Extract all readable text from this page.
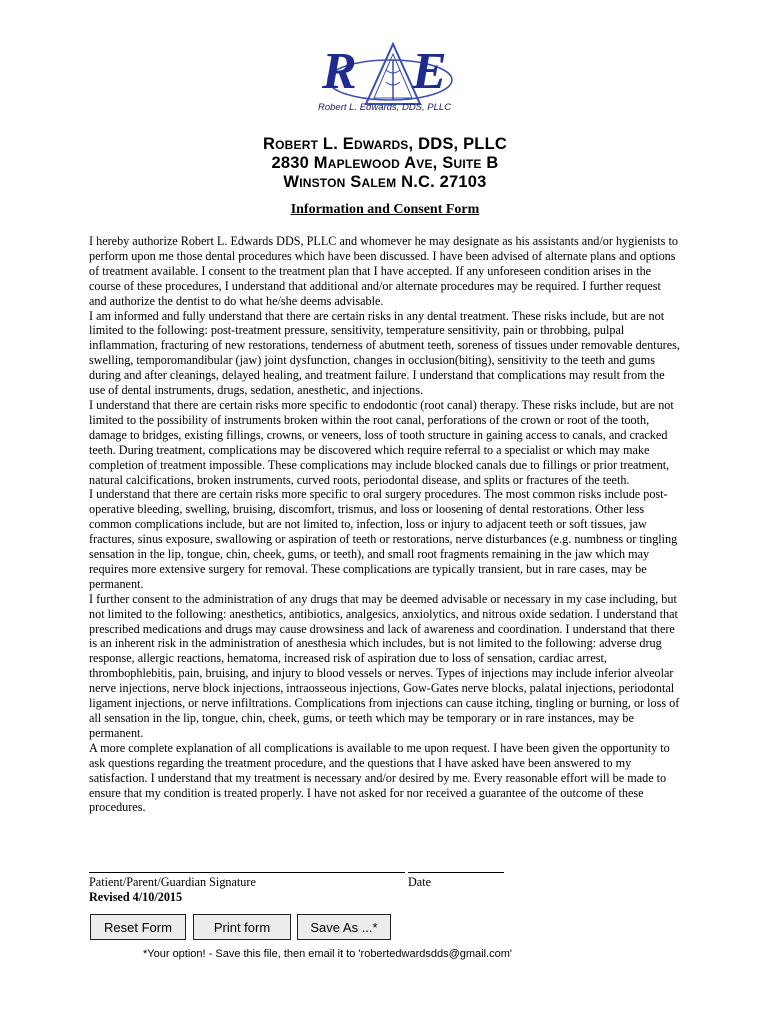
R E
Robert L. Edwards, DDS, PLLC
Robert L. Edwards, DDS, PLLC
2830 Maplewood Ave, Suite B
Winston Salem N.C. 27103
Information and Consent Form

I hereby authorize Robert L. Edwards DDS, PLLC and whomever he may designate as his assistants and/or hygienists to perform upon me those dental procedures which have been discussed. I have been advised of alternate plans and options of treatment available. I consent to the treatment plan that I have accepted. If any unforeseen condition arises in the course of these procedures, I understand that additional and/or alternate procedures may be required. I further request and authorize the dentist to do what he/she deems advisable.

I am informed and fully understand that there are certain risks in any dental treatment. These risks include, but are not limited to the following: post-treatment pressure, sensitivity, temperature sensitivity, pain or throbbing, pulpal inflammation, fracturing of new restorations, tenderness of abutment teeth, soreness of tissues under removable dentures, swelling, temporomandibular (jaw) joint dysfunction, changes in occlusion(biting), sensitivity to the teeth and gums during and after cleanings, delayed healing, and treatment failure. I understand that complications may result from the use of dental instruments, drugs, sedation, anesthetic, and injections.

I understand that there are certain risks more specific to endodontic (root canal) therapy. These risks include, but are not limited to the possibility of instruments broken within the root canal, perforations of the crown or root of the tooth, damage to bridges, existing fillings, crowns, or veneers, loss of tooth structure in gaining access to canals, and cracked teeth. During treatment, complications may be discovered which require referral to a specialist or which may make completion of treatment impossible. These complications may include blocked canals due to fillings or prior treatment, natural calcifications, broken instruments, curved roots, periodontal disease, and splits or fractures of the teeth.

I understand that there are certain risks more specific to oral surgery procedures. The most common risks include post-operative bleeding, swelling, bruising, discomfort, trismus, and loss or loosening of dental restorations. Other less common complications include, but are not limited to, infection, loss or injury to adjacent teeth or soft tissues, jaw fractures, sinus exposure, swallowing or aspiration of teeth or restorations, nerve disturbances (e.g. numbness or tingling sensation in the lip, tongue, chin, cheek, gums, or teeth), and small root fragments remaining in the jaw which may requires more extensive surgery for removal. These complications are typically transient, but in rare cases, may be permanent.

I further consent to the administration of any drugs that may be deemed advisable or necessary in my case including, but not limited to the following: anesthetics, antibiotics, analgesics, anxiolytics, and nitrous oxide sedation. I understand that prescribed medications and drugs may cause drowsiness and lack of awareness and coordination. I understand that there is an inherent risk in the administration of anesthesia which includes, but is not limited to the following: adverse drug response, allergic reactions, hematoma, increased risk of aspiration due to loss of sensation, cardiac arrest, thrombophlebitis, pain, bruising, and injury to blood vessels or nerves. Types of injections may include inferior alveolar nerve injections, nerve block injections, intraosseous injections, Gow-Gates nerve blocks, palatal injections, periodontal ligament injections, or nerve infiltrations. Complications from injections can cause itching, tingling or burning, or loss of all sensation in the lip, tongue, chin, cheek, gums, or teeth which may be temporary or in rare instances, may be permanent.

A more complete explanation of all complications is available to me upon request. I have been given the opportunity to ask questions regarding the treatment procedure, and the questions that I have asked have been answered to my satisfaction. I understand that my treatment is necessary and/or desired by me. Every reasonable effort will be made to ensure that my condition is treated properly. I have not asked for nor received a guarantee of the outcome of these procedures.

Patient/Parent/Guardian Signature	Date
Revised 4/10/2015
Reset Form	Print form	Save As ...*
*Your option! - Save this file, then email it to 'robertedwardsdds@gmail.com'
